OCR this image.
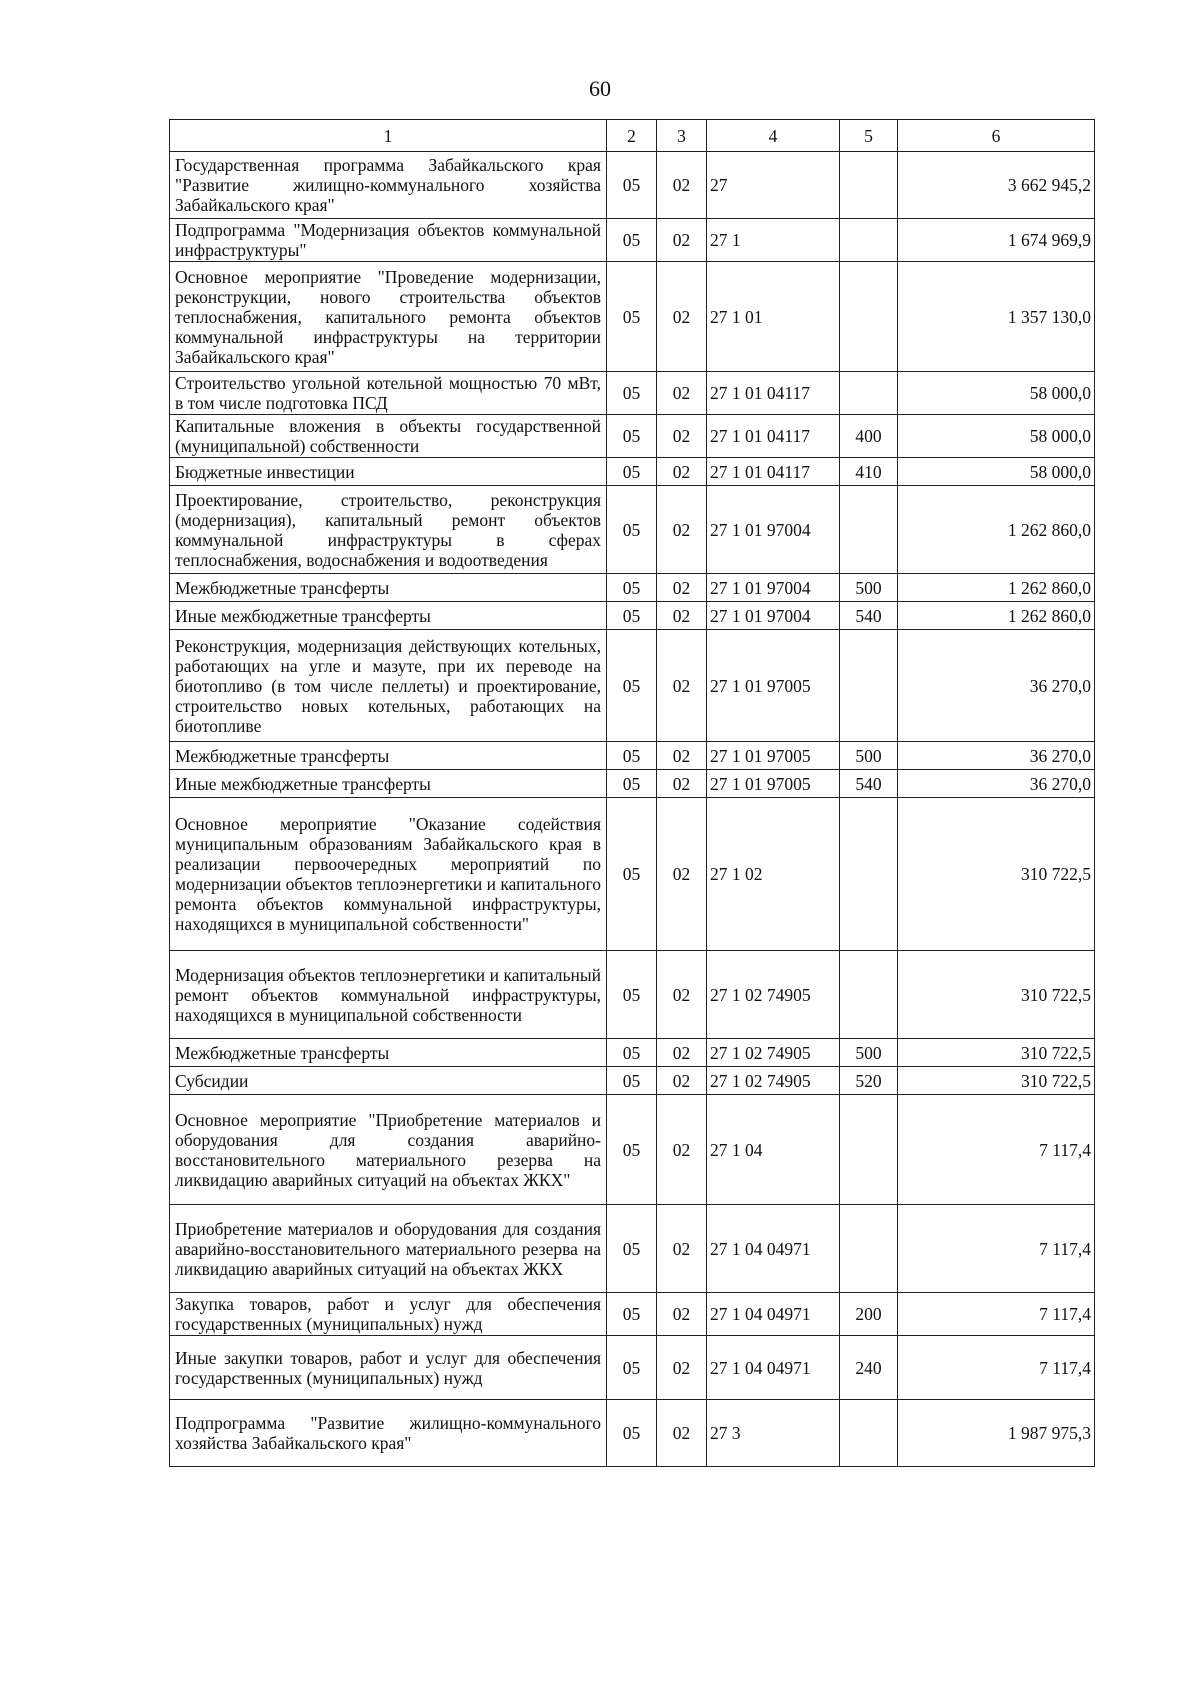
60
1	2	3	4	5	6
Государственная программа Забайкальского края "Развитие жилищно-коммунального хозяйства Забайкальского края"	05	02	27		3 662 945,2
Подпрограмма "Модернизация объектов коммунальной инфраструктуры"	05	02	27 1		1 674 969,9
Основное мероприятие "Проведение модернизации, реконструкции, нового строительства объектов теплоснабжения, капитального ремонта объектов коммунальной инфраструктуры на территории Забайкальского края"	05	02	27 1 01		1 357 130,0
Строительство угольной котельной мощностью 70 мВт, в том числе подготовка ПСД	05	02	27 1 01 04117		58 000,0
Капитальные вложения в объекты государственной (муниципальной) собственности	05	02	27 1 01 04117	400	58 000,0
Бюджетные инвестиции	05	02	27 1 01 04117	410	58 000,0
Проектирование, строительство, реконструкция (модернизация), капитальный ремонт объектов коммунальной инфраструктуры в сферах теплоснабжения, водоснабжения и водоотведения	05	02	27 1 01 97004		1 262 860,0
Межбюджетные трансферты	05	02	27 1 01 97004	500	1 262 860,0
Иные межбюджетные трансферты	05	02	27 1 01 97004	540	1 262 860,0
Реконструкция, модернизация действующих котельных, работающих на угле и мазуте, при их переводе на биотопливо (в том числе пеллеты) и проектирование, строительство новых котельных, работающих на биотопливе	05	02	27 1 01 97005		36 270,0
Межбюджетные трансферты	05	02	27 1 01 97005	500	36 270,0
Иные межбюджетные трансферты	05	02	27 1 01 97005	540	36 270,0
Основное мероприятие "Оказание содействия муниципальным образованиям Забайкальского края в реализации первоочередных мероприятий по модернизации объектов теплоэнергетики и капитального ремонта объектов коммунальной инфраструктуры, находящихся в муниципальной собственности"	05	02	27 1 02		310 722,5
Модернизация объектов теплоэнергетики и капитальный ремонт объектов коммунальной инфраструктуры, находящихся в муниципальной собственности	05	02	27 1 02 74905		310 722,5
Межбюджетные трансферты	05	02	27 1 02 74905	500	310 722,5
Субсидии	05	02	27 1 02 74905	520	310 722,5
Основное мероприятие "Приобретение материалов и оборудования для создания аварийно-восстановительного материального резерва на ликвидацию аварийных ситуаций на объектах ЖКХ"	05	02	27 1 04		7 117,4
Приобретение материалов и оборудования для создания аварийно-восстановительного материального резерва на ликвидацию аварийных ситуаций на объектах ЖКХ	05	02	27 1 04 04971		7 117,4
Закупка товаров, работ и услуг для обеспечения государственных (муниципальных) нужд	05	02	27 1 04 04971	200	7 117,4
Иные закупки товаров, работ и услуг для обеспечения государственных (муниципальных) нужд	05	02	27 1 04 04971	240	7 117,4
Подпрограмма "Развитие жилищно-коммунального хозяйства Забайкальского края"	05	02	27 3		1 987 975,3
